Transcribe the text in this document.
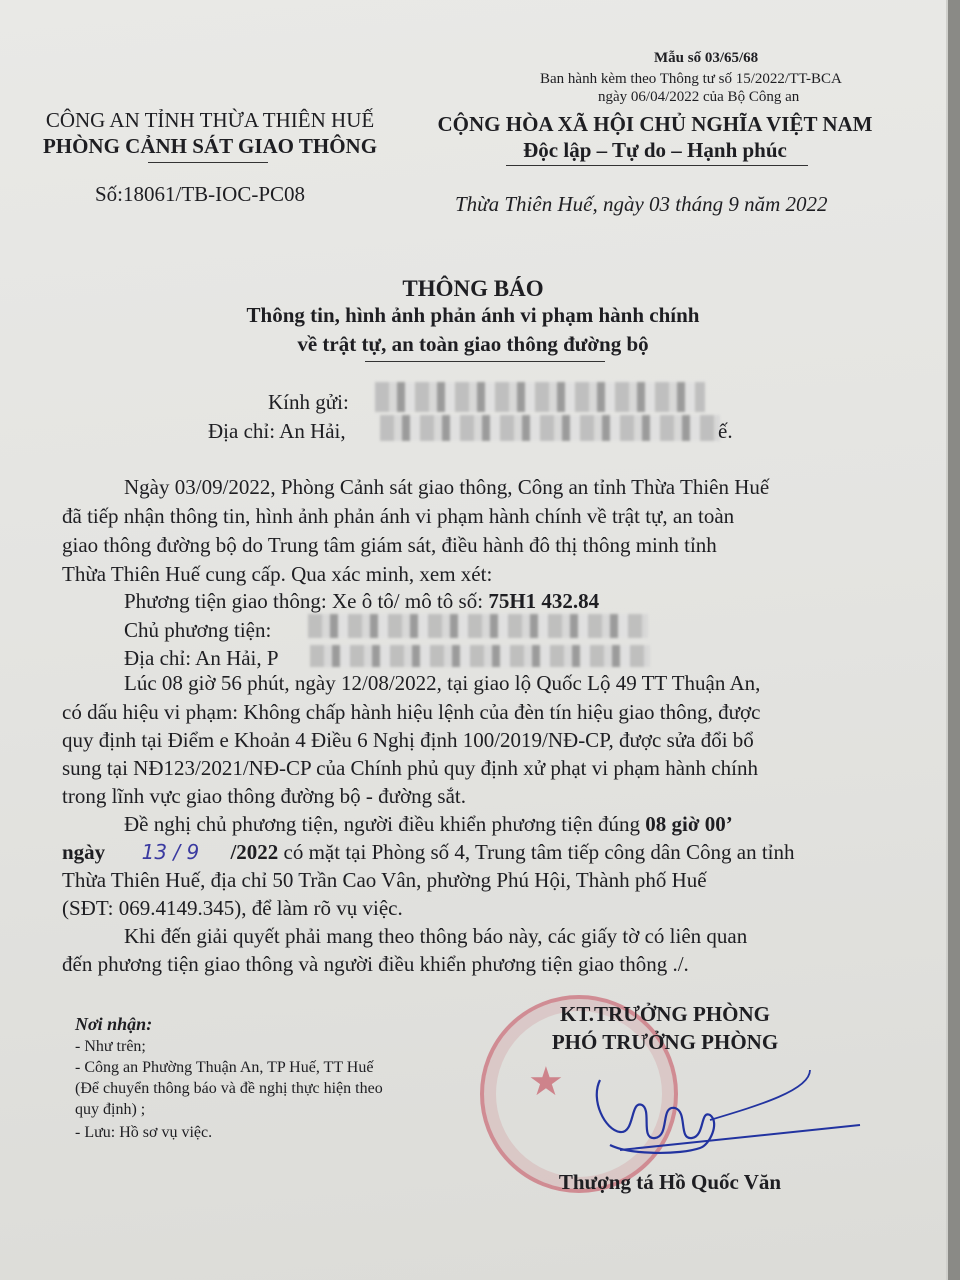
Mẫu số 03/65/68
Ban hành kèm theo Thông tư số 15/2022/TT-BCA
ngày 06/04/2022 của Bộ Công an
CÔNG AN TỈNH THỪA THIÊN HUẾ
PHÒNG CẢNH SÁT GIAO THÔNG
Số:18061/TB-IOC-PC08
CỘNG HÒA XÃ HỘI CHỦ NGHĨA VIỆT NAM
Độc lập – Tự do – Hạnh phúc
Thừa Thiên Huế, ngày 03 tháng 9 năm 2022
THÔNG BÁO
Thông tin, hình ảnh phản ánh vi phạm hành chính
về trật tự, an toàn giao thông đường bộ
Kính gửi:
Địa chỉ: An Hải,	ế.
Ngày 03/09/2022, Phòng Cảnh sát giao thông, Công an tỉnh Thừa Thiên Huế
đã tiếp nhận thông tin, hình ảnh phản ánh vi phạm hành chính về trật tự, an toàn
giao thông đường bộ do Trung tâm giám sát, điều hành đô thị thông minh tỉnh
Thừa Thiên Huế cung cấp. Qua xác minh, xem xét:
Phương tiện giao thông: Xe ô tô/ mô tô số: 75H1 432.84
Chủ phương tiện:
Địa chỉ: An Hải, P
Lúc 08 giờ 56 phút, ngày 12/08/2022, tại giao lộ Quốc Lộ 49 TT Thuận An,
có dấu hiệu vi phạm: Không chấp hành hiệu lệnh của đèn tín hiệu giao thông, được
quy định tại Điểm e Khoản 4 Điều 6 Nghị định 100/2019/NĐ-CP, được sửa đổi bổ
sung tại NĐ123/2021/NĐ-CP của Chính phủ quy định xử phạt vi phạm hành chính
trong lĩnh vực giao thông đường bộ - đường sắt.
Đề nghị chủ phương tiện, người điều khiển phương tiện đúng 08 giờ 00’
ngày 13 / 9 /2022 có mặt tại Phòng số 4, Trung tâm tiếp công dân Công an tỉnh
Thừa Thiên Huế, địa chỉ 50 Trần Cao Vân, phường Phú Hội, Thành phố Huế
(SĐT: 069.4149.345), để làm rõ vụ việc.
Khi đến giải quyết phải mang theo thông báo này, các giấy tờ có liên quan
đến phương tiện giao thông và người điều khiển phương tiện giao thông ./.
Nơi nhận:
- Như trên;
- Công an Phường Thuận An, TP Huế, TT Huế
(Để chuyển thông báo và đề nghị thực hiện theo
quy định) ;
- Lưu: Hồ sơ vụ việc.
★
KT.TRƯỞNG PHÒNG
PHÓ TRƯỞNG PHÒNG
Thượng tá Hồ Quốc Văn
